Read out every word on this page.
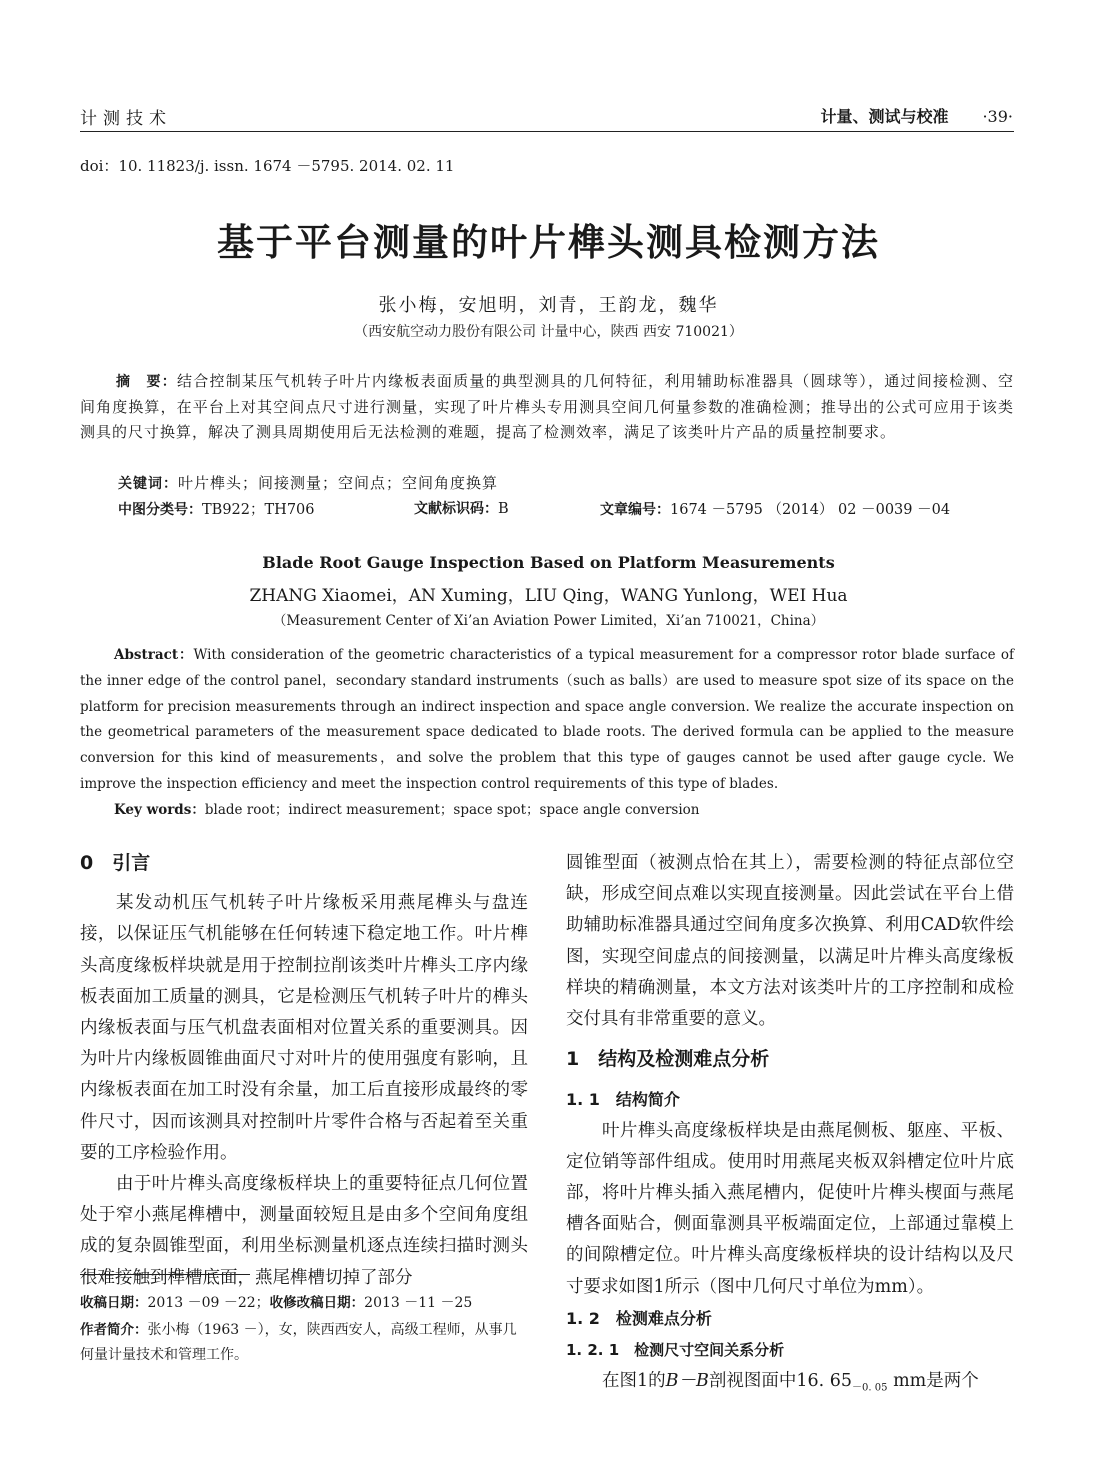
计测技术	计量、测试与校准 ·39·
doi：10. 11823/j. issn. 1674 －5795. 2014. 02. 11
基于平台测量的叶片榫头测具检测方法
张小梅，安旭明，刘青，王韵龙，魏华
（西安航空动力股份有限公司 计量中心，陕西 西安 710021）
摘　要：结合控制某压气机转子叶片内缘板表面质量的典型测具的几何特征，利用辅助标准器具（圆球等），通过间接检测、空间角度换算，在平台上对其空间点尺寸进行测量，实现了叶片榫头专用测具空间几何量参数的准确检测；推导出的公式可应用于该类测具的尺寸换算，解决了测具周期使用后无法检测的难题，提高了检测效率，满足了该类叶片产品的质量控制要求。
关键词：叶片榫头；间接测量；空间点；空间角度换算
中图分类号：TB922；TH706	文献标识码：B	文章编号：1674 －5795 （2014） 02 －0039 －04
Blade Root Gauge Inspection Based on Platform Measurements
ZHANG Xiaomei，AN Xuming，LIU Qing，WANG Yunlong，WEI Hua
（Measurement Center of Xi’an Aviation Power Limited，Xi’an 710021，China）
Abstract：With consideration of the geometric characteristics of a typical measurement for a compressor rotor blade surface of the inner edge of the control panel，secondary standard instruments（such as balls）are used to measure spot size of its space on the platform for precision measurements through an indirect inspection and space angle conversion. We realize the accurate inspection on the geometrical parameters of the measurement space dedicated to blade roots. The derived formula can be applied to the measure conversion for this kind of measurements，and solve the problem that this type of gauges cannot be used after gauge cycle. We improve the inspection efficiency and meet the inspection control requirements of this type of blades.
Key words：blade root；indirect measurement；space spot；space angle conversion
0　引言
某发动机压气机转子叶片缘板采用燕尾榫头与盘连接，以保证压气机能够在任何转速下稳定地工作。叶片榫头高度缘板样块就是用于控制拉削该类叶片榫头工序内缘板表面加工质量的测具，它是检测压气机转子叶片的榫头内缘板表面与压气机盘表面相对位置关系的重要测具。因为叶片内缘板圆锥曲面尺寸对叶片的使用强度有影响，且内缘板表面在加工时没有余量，加工后直接形成最终的零件尺寸，因而该测具对控制叶片零件合格与否起着至关重要的工序检验作用。
由于叶片榫头高度缘板样块上的重要特征点几何位置处于窄小燕尾榫槽中，测量面较短且是由多个空间角度组成的复杂圆锥型面，利用坐标测量机逐点连续扫描时测头很难接触到榫槽底面，燕尾榫槽切掉了部分
收稿日期：2013 －09 －22；收修改稿日期：2013 －11 －25
作者简介：张小梅（1963 －），女，陕西西安人，高级工程师，从事几何量计量技术和管理工作。
圆锥型面（被测点恰在其上），需要检测的特征点部位空缺，形成空间点难以实现直接测量。因此尝试在平台上借助辅助标准器具通过空间角度多次换算、利用CAD软件绘图，实现空间虚点的间接测量，以满足叶片榫头高度缘板样块的精确测量，本文方法对该类叶片的工序控制和成检交付具有非常重要的意义。
1　结构及检测难点分析
1. 1　结构简介
叶片榫头高度缘板样块是由燕尾侧板、躯座、平板、定位销等部件组成。使用时用燕尾夹板双斜槽定位叶片底部，将叶片榫头插入燕尾槽内，促使叶片榫头楔面与燕尾槽各面贴合，侧面靠测具平板端面定位，上部通过靠模上的间隙槽定位。叶片榫头高度缘板样块的设计结构以及尺寸要求如图1所示（图中几何尺寸单位为mm）。
1. 2　检测难点分析
1. 2. 1　检测尺寸空间关系分析
在图1的B－B剖视图面中16. $65_{-0. 05}$ mm是两个
